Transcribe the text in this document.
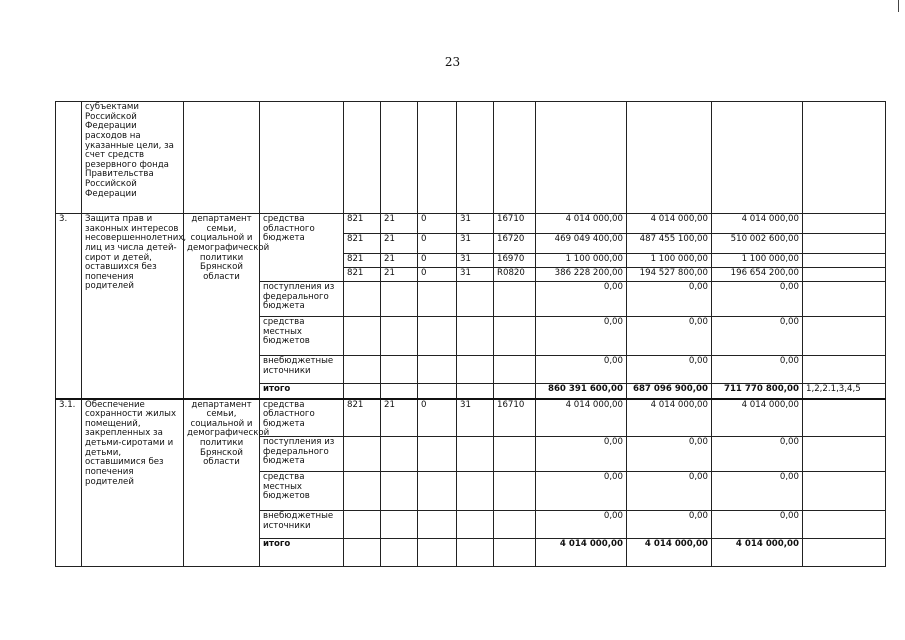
23
	субъектами Российской Федерации расходов на указанные цели, за счет средств резервного фонда Правительства Российской Федерации											
3.	Защита прав и законных интересов несовершеннолетних, лиц из числа детей-сирот и детей, оставшихся без попечения родителей	департамент семьи, социальной и демографической политики Брянской области	средства областного бюджета	821	21	0	31	16710	4 014 000,00	4 014 000,00	4 014 000,00	
				821	21	0	31	16720	469 049 400,00	487 455 100,00	510 002 600,00	
				821	21	0	31	16970	1 100 000,00	1 100 000,00	1 100 000,00	
				821	21	0	31	R0820	386 228 200,00	194 527 800,00	196 654 200,00	
			поступления из федерального бюджета						0,00	0,00	0,00	
			средства местных бюджетов						0,00	0,00	0,00	
			внебюджетные источники						0,00	0,00	0,00	
			итого						860 391 600,00	687 096 900,00	711 770 800,00	1,2,2.1,3,4,5
3.1.	Обеспечение сохранности жилых помещений, закрепленных за детьми-сиротами и детьми, оставшимися без попечения родителей	департамент семьи, социальной и демографической политики Брянской области	средства областного бюджета	821	21	0	31	16710	4 014 000,00	4 014 000,00	4 014 000,00	
			поступления из федерального бюджета						0,00	0,00	0,00	
			средства местных бюджетов						0,00	0,00	0,00	
			внебюджетные источники						0,00	0,00	0,00	
			итого						4 014 000,00	4 014 000,00	4 014 000,00	
